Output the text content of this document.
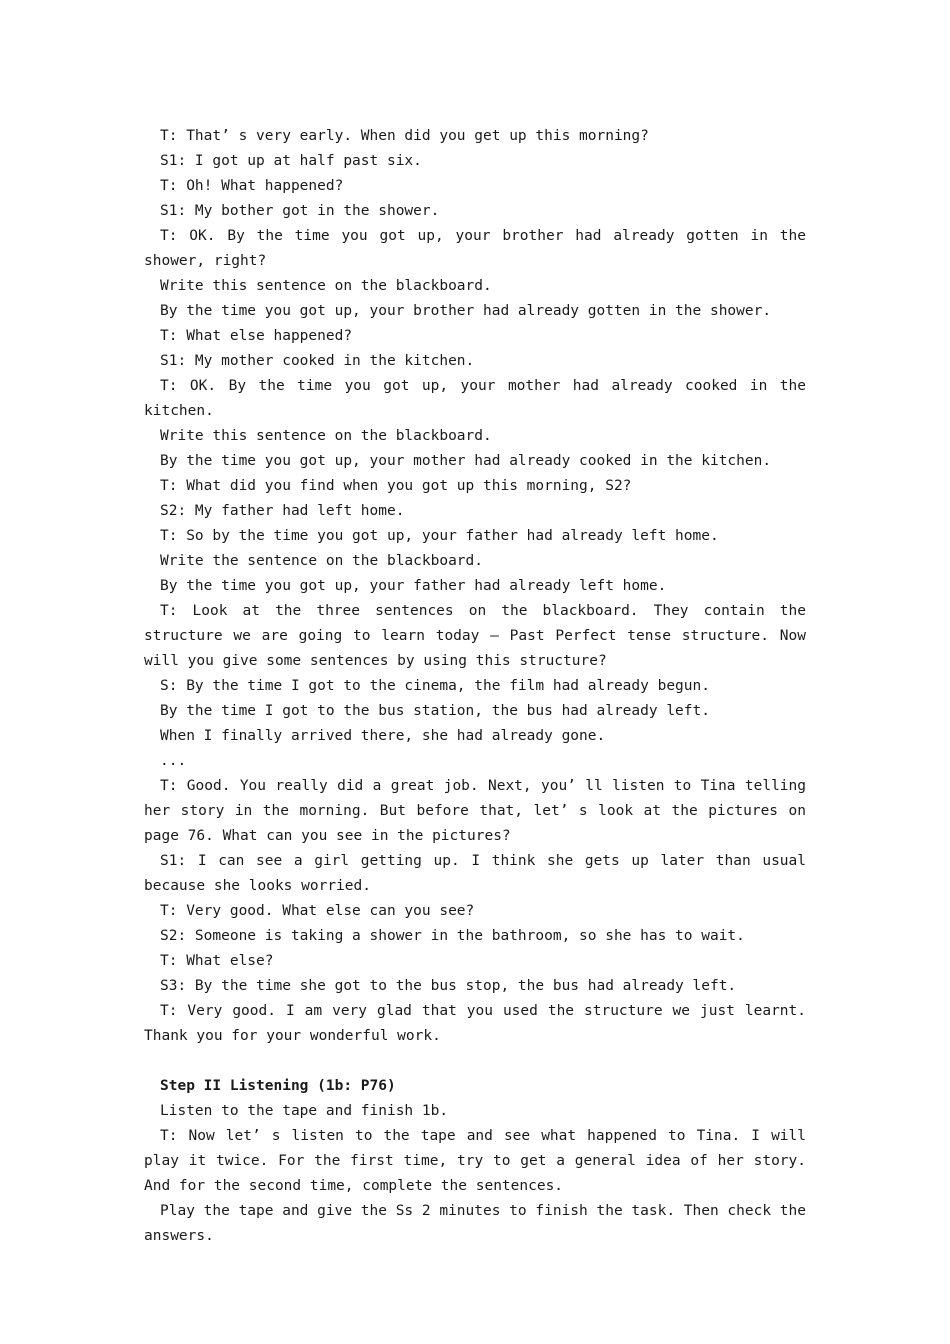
T: That’ s very early. When did you get up this morning?

S1: I got up at half past six.

T: Oh! What happened?

S1: My bother got in the shower.

T: OK. By the time you got up, your brother had already gotten in the shower, right?

Write this sentence on the blackboard.

By the time you got up, your brother had already gotten in the shower.

T: What else happened?

S1: My mother cooked in the kitchen.

T: OK. By the time you got up, your mother had already cooked in the kitchen.

Write this sentence on the blackboard.

By the time you got up, your mother had already cooked in the kitchen.

T: What did you find when you got up this morning, S2?

S2: My father had left home.

T: So by the time you got up, your father had already left home.

Write the sentence on the blackboard.

By the time you got up, your father had already left home.

T: Look at the three sentences on the blackboard. They contain the structure we are going to learn today — Past Perfect tense structure. Now will you give some sentences by using this structure?

S: By the time I got to the cinema, the film had already begun.

By the time I got to the bus station, the bus had already left.

When I finally arrived there, she had already gone.

...

T: Good. You really did a great job. Next, you’ ll listen to Tina telling her story in the morning. But before that, let’ s look at the pictures on page 76. What can you see in the pictures?

S1: I can see a girl getting up. I think she gets up later than usual because she looks worried.

T: Very good. What else can you see?

S2: Someone is taking a shower in the bathroom, so she has to wait.

T: What else?

S3: By the time she got to the bus stop, the bus had already left.

T: Very good. I am very glad that you used the structure we just learnt. Thank you for your wonderful work.

Step II Listening (1b: P76)

Listen to the tape and finish 1b.

T: Now let’ s listen to the tape and see what happened to Tina. I will play it twice. For the first time, try to get a general idea of her story. And for the second time, complete the sentences.

Play the tape and give the Ss 2 minutes to finish the task. Then check the answers.
